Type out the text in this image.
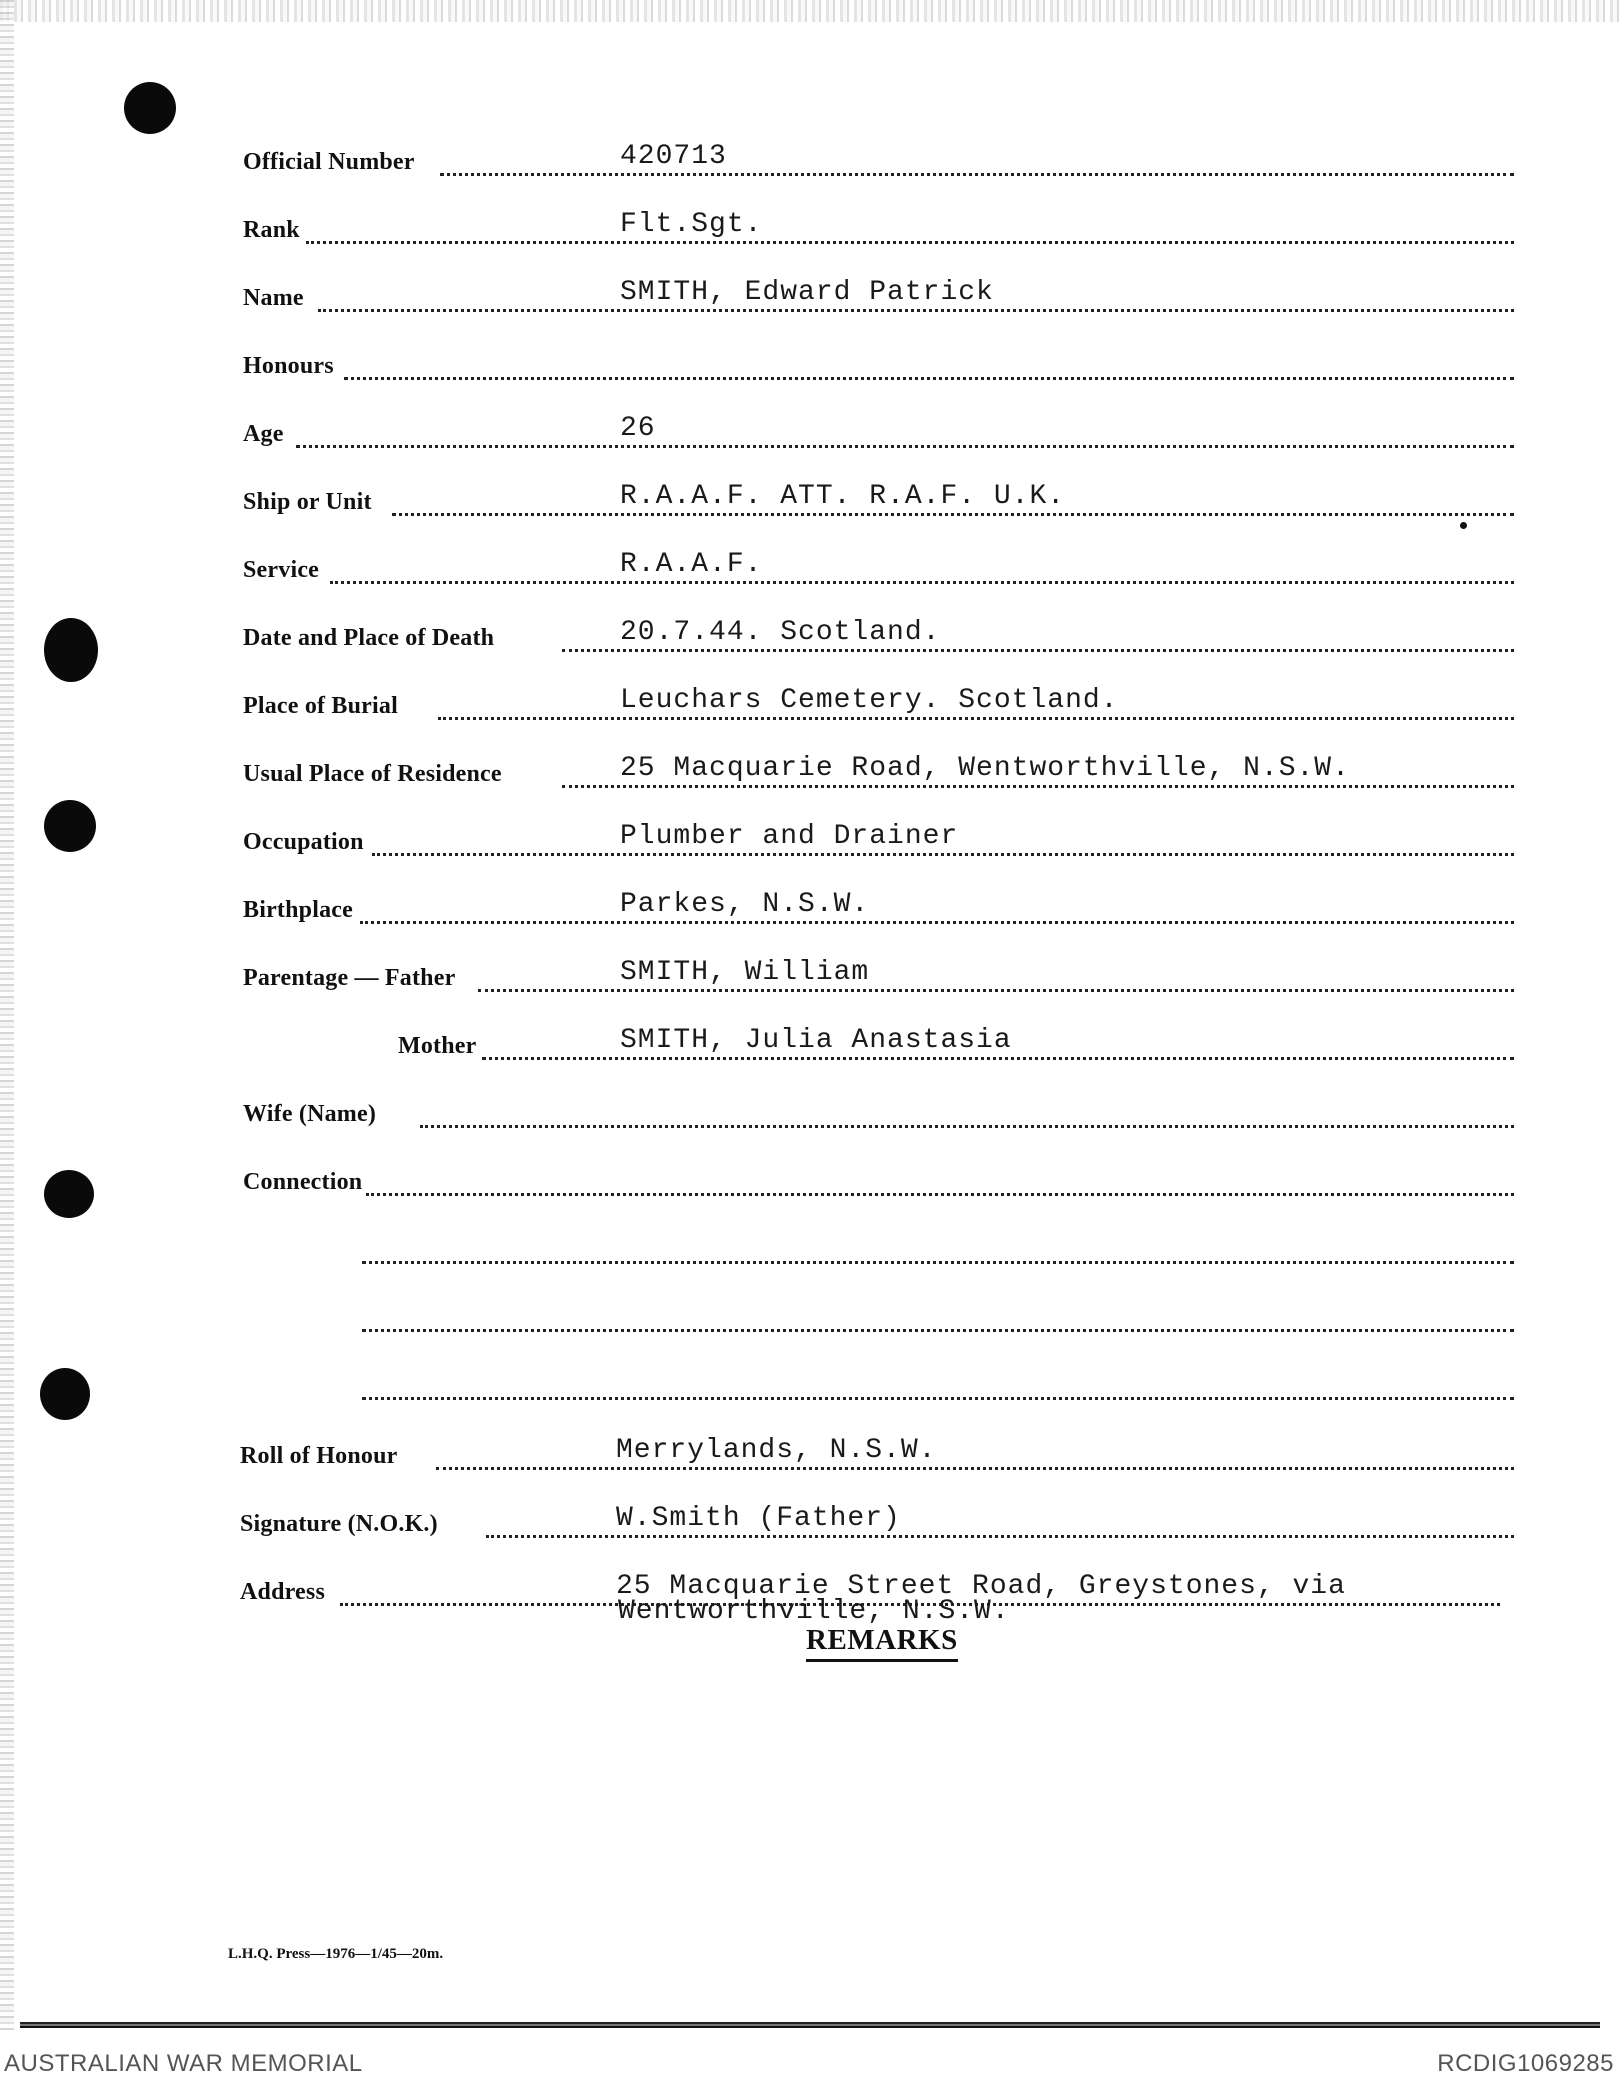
Official Number	420713
Rank	Flt.Sgt.
Name	SMITH, Edward Patrick
Honours
Age	26
Ship or Unit	R.A.A.F. ATT. R.A.F. U.K.
Service	R.A.A.F.
Date and Place of Death	20.7.44. Scotland.
Place of Burial	Leuchars Cemetery. Scotland.
Usual Place of Residence	25 Macquarie Road, Wentworthville, N.S.W.
Occupation	Plumber and Drainer
Birthplace	Parkes, N.S.W.
Parentage — Father	SMITH, William
Mother	SMITH, Julia Anastasia
Wife (Name)
Connection
Roll of Honour	Merrylands, N.S.W.
Signature (N.O.K.)	W.Smith (Father)
Address	25 Macquarie Street Road, Greystones, via
Wentworthville, N.S.W.
REMARKS
L.H.Q. Press—1976—1/45—20m.
AUSTRALIAN WAR MEMORIAL	RCDIG1069285
